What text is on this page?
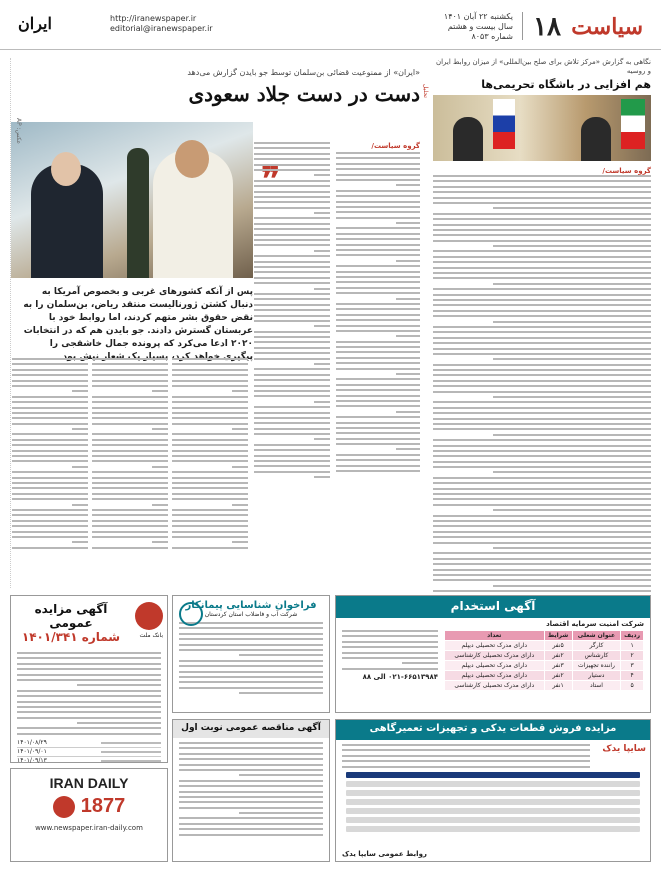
سیاست
۱۸
یکشنبه ۲۲ آبان ۱۴۰۱
سال بیست و هشتم
شماره ۸۰۵۳
http://iranewspaper.ir
editorial@iranewspaper.ir
ایران
نگاهی به گزارش «مرکز تلاش برای صلح بین‌المللی» از میزان روابط ایران و روسیه
هم افزایی در باشگاه تحریمی‌ها
گروه سیاست/
تحلیل
«ایران» از ممنوعیت قضائی بن‌سلمان توسط جو بایدن گزارش می‌دهد
دست در دست جلاد سعودی
عکس: AP
❞
پس از آنکه کشورهای غربی و بخصوص آمریکا به دنبال کشتن ژورنالیست منتقد ریاض، بن‌سلمان را به نقض حقوق بشر متهم کردند، اما روابط خود با عربستان گسترش دادند. جو بایدن هم که در انتخابات ۲۰۲۰ ادعا می‌کرد که پرونده جمال خاشقجی را پیگیری خواهد کرد، بسیار یک شعار نیش بود
گروه سیاست/
آگهی استخدام
شرکت امنیت سرمایه اقتصاد
ردیف	عنوان شغلی	شرایط	تعداد
۱	کارگر	۵نفر	دارای مدرک تحصیلی دیپلم
۲	کارشناس	۲نفر	دارای مدرک تحصیلی کارشناسی
۳	راننده تجهیزات	۳نفر	دارای مدرک تحصیلی دیپلم
۴	دستیار	۲نفر	دارای مدرک تحصیلی دیپلم
۵	استاد	۱نفر	دارای مدرک تحصیلی کارشناسی
۰۲۱-۶۶۵۱۳۹۸۴ الی ۸۸
مزایده فروش قطعات یدکی و تجهیزات تعمیرگاهی
سایپا یدک
روابط عمومی سایپا یدک
فراخوان شناسایی پیمانکار
شرکت آب و فاضلاب استان کردستان
آگهی مناقصه عمومی نوبت اول
بانک ملت
آگهی مزایده عمومی
شماره ۱۴۰۱/۳۴۱
۱۴۰۱/۰۸/۲۹
۱۴۰۱/۰۹/۰۱
۱۴۰۱/۰۹/۱۳
IRAN DAILY
1877
www.newspaper.iran-daily.com
